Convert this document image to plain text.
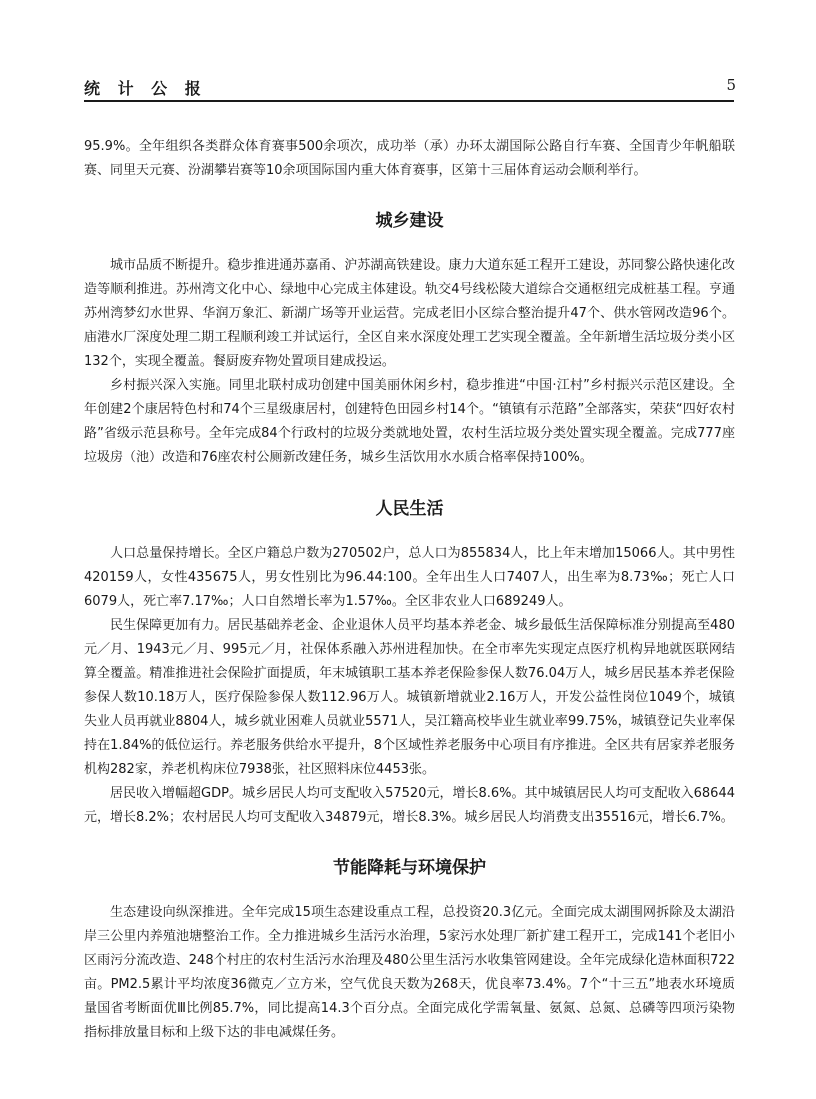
统 计 公 报	5

95.9%。全年组织各类群众体育赛事500余项次，成功举（承）办环太湖国际公路自行车赛、全国青少年帆船联赛、同里天元赛、汾湖攀岩赛等10余项国际国内重大体育赛事，区第十三届体育运动会顺利举行。

城乡建设

城市品质不断提升。稳步推进通苏嘉甬、沪苏湖高铁建设。康力大道东延工程开工建设，苏同黎公路快速化改造等顺利推进。苏州湾文化中心、绿地中心完成主体建设。轨交4号线松陵大道综合交通枢纽完成桩基工程。亨通苏州湾梦幻水世界、华润万象汇、新湖广场等开业运营。完成老旧小区综合整治提升47个、供水管网改造96个。庙港水厂深度处理二期工程顺利竣工并试运行，全区自来水深度处理工艺实现全覆盖。全年新增生活垃圾分类小区132个，实现全覆盖。餐厨废弃物处置项目建成投运。

乡村振兴深入实施。同里北联村成功创建中国美丽休闲乡村，稳步推进“中国·江村”乡村振兴示范区建设。全年创建2个康居特色村和74个三星级康居村，创建特色田园乡村14个。“镇镇有示范路”全部落实，荣获“四好农村路”省级示范县称号。全年完成84个行政村的垃圾分类就地处置，农村生活垃圾分类处置实现全覆盖。完成777座垃圾房（池）改造和76座农村公厕新改建任务，城乡生活饮用水水质合格率保持100%。

人民生活

人口总量保持增长。全区户籍总户数为270502户，总人口为855834人，比上年末增加15066人。其中男性420159人，女性435675人，男女性别比为96.44:100。全年出生人口7407人，出生率为8.73‰；死亡人口6079人，死亡率7.17‰；人口自然增长率为1.57‰。全区非农业人口689249人。

民生保障更加有力。居民基础养老金、企业退休人员平均基本养老金、城乡最低生活保障标准分别提高至480元／月、1943元／月、995元／月，社保体系融入苏州进程加快。在全市率先实现定点医疗机构异地就医联网结算全覆盖。精准推进社会保险扩面提质，年末城镇职工基本养老保险参保人数76.04万人，城乡居民基本养老保险参保人数10.18万人，医疗保险参保人数112.96万人。城镇新增就业2.16万人，开发公益性岗位1049个，城镇失业人员再就业8804人，城乡就业困难人员就业5571人，吴江籍高校毕业生就业率99.75%，城镇登记失业率保持在1.84%的低位运行。养老服务供给水平提升，8个区域性养老服务中心项目有序推进。全区共有居家养老服务机构282家，养老机构床位7938张，社区照料床位4453张。

居民收入增幅超GDP。城乡居民人均可支配收入57520元，增长8.6%。其中城镇居民人均可支配收入68644元，增长8.2%；农村居民人均可支配收入34879元，增长8.3%。城乡居民人均消费支出35516元，增长6.7%。

节能降耗与环境保护

生态建设向纵深推进。全年完成15项生态建设重点工程，总投资20.3亿元。全面完成太湖围网拆除及太湖沿岸三公里内养殖池塘整治工作。全力推进城乡生活污水治理，5家污水处理厂新扩建工程开工，完成141个老旧小区雨污分流改造、248个村庄的农村生活污水治理及480公里生活污水收集管网建设。全年完成绿化造林面积722亩。PM2.5累计平均浓度36微克／立方米，空气优良天数为268天，优良率73.4%。7个“十三五”地表水环境质量国省考断面优Ⅲ比例85.7%，同比提高14.3个百分点。全面完成化学需氧量、氨氮、总氮、总磷等四项污染物指标排放量目标和上级下达的非电减煤任务。
